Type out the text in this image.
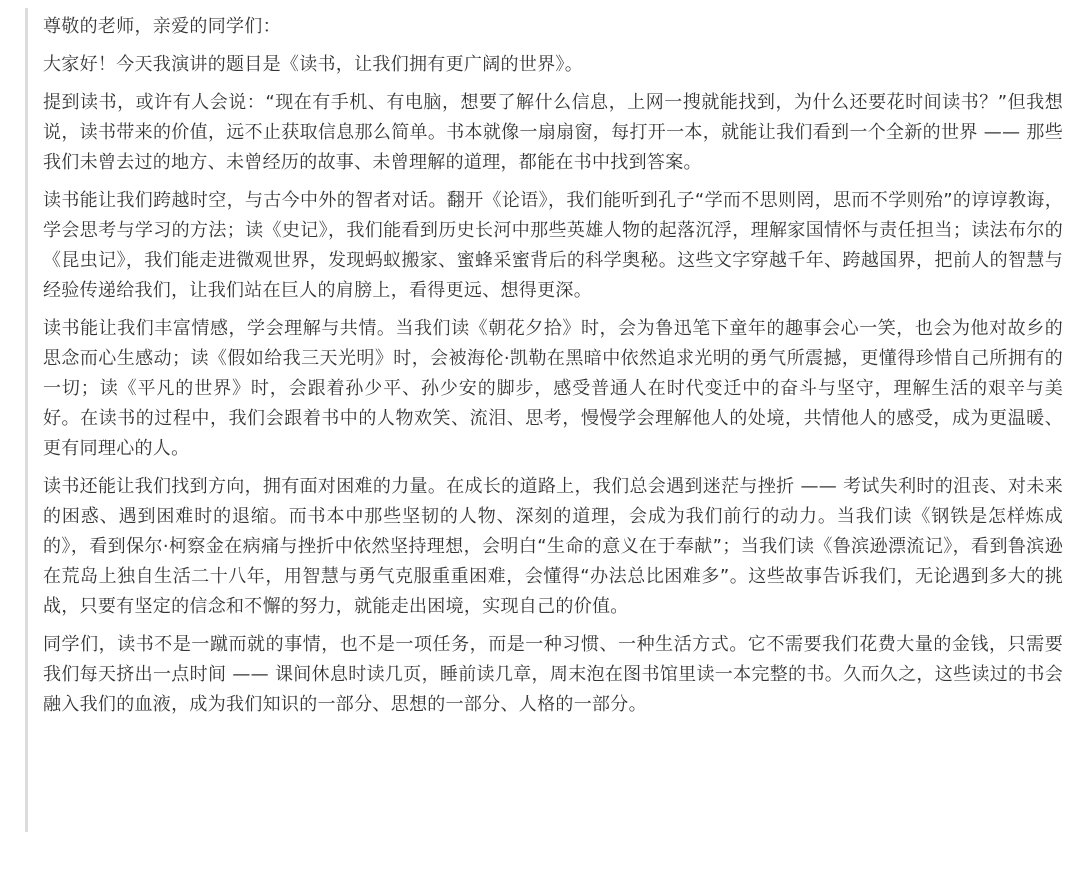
尊敬的老师，亲爱的同学们：

大家好！今天我演讲的题目是《读书，让我们拥有更广阔的世界》。

提到读书，或许有人会说：“现在有手机、有电脑，想要了解什么信息，上网一搜就能找到，为什么还要花时间读书？”但我想说，读书带来的价值，远不止获取信息那么简单。书本就像一扇扇窗，每打开一本，就能让我们看到一个全新的世界 —— 那些我们未曾去过的地方、未曾经历的故事、未曾理解的道理，都能在书中找到答案。

读书能让我们跨越时空，与古今中外的智者对话。翻开《论语》，我们能听到孔子“学而不思则罔，思而不学则殆”的谆谆教诲，学会思考与学习的方法；读《史记》，我们能看到历史长河中那些英雄人物的起落沉浮，理解家国情怀与责任担当；读法布尔的《昆虫记》，我们能走进微观世界，发现蚂蚁搬家、蜜蜂采蜜背后的科学奥秘。这些文字穿越千年、跨越国界，把前人的智慧与经验传递给我们，让我们站在巨人的肩膀上，看得更远、想得更深。

读书能让我们丰富情感，学会理解与共情。当我们读《朝花夕拾》时，会为鲁迅笔下童年的趣事会心一笑，也会为他对故乡的思念而心生感动；读《假如给我三天光明》时，会被海伦·凯勒在黑暗中依然追求光明的勇气所震撼，更懂得珍惜自己所拥有的一切；读《平凡的世界》时，会跟着孙少平、孙少安的脚步，感受普通人在时代变迁中的奋斗与坚守，理解生活的艰辛与美好。在读书的过程中，我们会跟着书中的人物欢笑、流泪、思考，慢慢学会理解他人的处境，共情他人的感受，成为更温暖、更有同理心的人。

读书还能让我们找到方向，拥有面对困难的力量。在成长的道路上，我们总会遇到迷茫与挫折 —— 考试失利时的沮丧、对未来的困惑、遇到困难时的退缩。而书本中那些坚韧的人物、深刻的道理，会成为我们前行的动力。当我们读《钢铁是怎样炼成的》，看到保尔·柯察金在病痛与挫折中依然坚持理想，会明白“生命的意义在于奉献”；当我们读《鲁滨逊漂流记》，看到鲁滨逊在荒岛上独自生活二十八年，用智慧与勇气克服重重困难，会懂得“办法总比困难多”。这些故事告诉我们，无论遇到多大的挑战，只要有坚定的信念和不懈的努力，就能走出困境，实现自己的价值。

同学们，读书不是一蹴而就的事情，也不是一项任务，而是一种习惯、一种生活方式。它不需要我们花费大量的金钱，只需要我们每天挤出一点时间 —— 课间休息时读几页，睡前读几章，周末泡在图书馆里读一本完整的书。久而久之，这些读过的书会融入我们的血液，成为我们知识的一部分、思想的一部分、人格的一部分。
